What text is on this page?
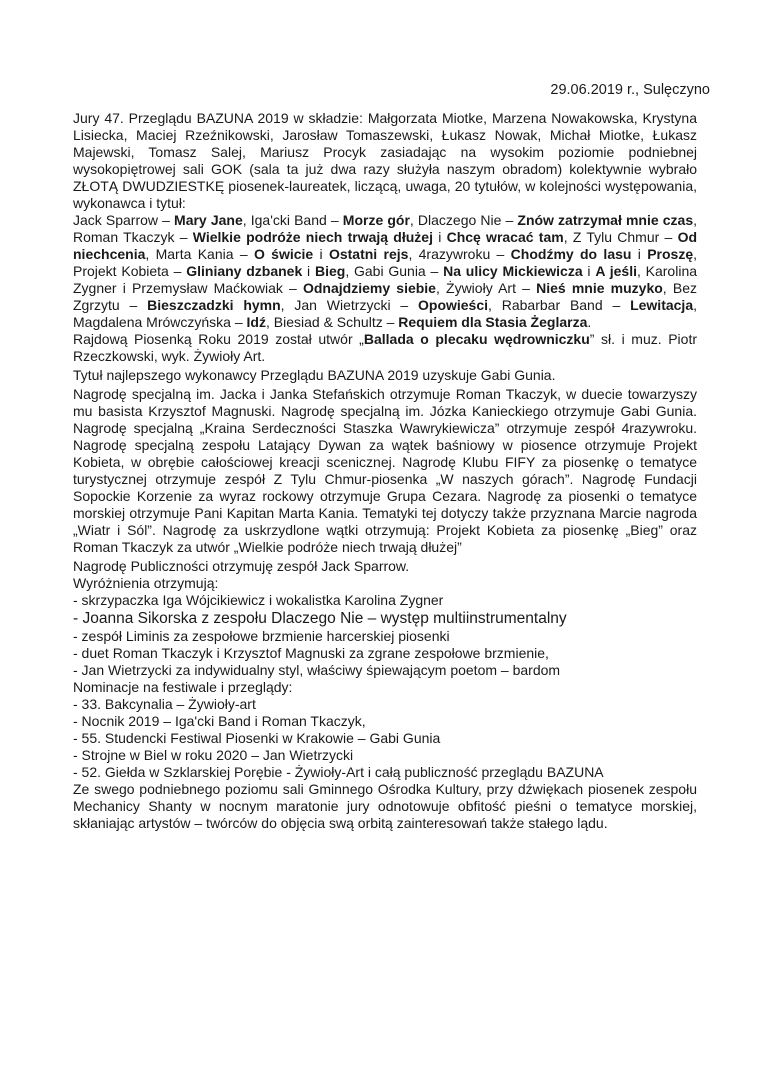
29.06.2019 r., Sulęczyno

Jury 47. Przeglądu BAZUNA 2019 w składzie: Małgorzata Miotke, Marzena Nowakowska, Krystyna Lisiecka, Maciej Rzeźnikowski, Jarosław Tomaszewski, Łukasz Nowak, Michał Miotke, Łukasz Majewski, Tomasz Salej, Mariusz Procyk zasiadając na wysokim poziomie podniebnej wysokopiętrowej sali GOK (sala ta już dwa razy służyła naszym obradom) kolektywnie wybrało ZŁOTĄ DWUDZIESTKĘ piosenek-laureatek, liczącą, uwaga, 20 tytułów, w kolejności występowania, wykonawca i tytuł:

Jack Sparrow – Mary Jane, Iga'cki Band – Morze gór, Dlaczego Nie – Znów zatrzymał mnie czas, Roman Tkaczyk – Wielkie podróże niech trwają dłużej i Chcę wracać tam, Z Tylu Chmur – Od niechcenia, Marta Kania – O świcie i Ostatni rejs, 4razywroku – Chodźmy do lasu i Proszę, Projekt Kobieta – Gliniany dzbanek i Bieg, Gabi Gunia – Na ulicy Mickiewicza i A jeśli, Karolina Zygner i Przemysław Maćkowiak – Odnajdziemy siebie, Żywioły Art – Nieś mnie muzyko, Bez Zgrzytu – Bieszczadzki hymn, Jan Wietrzycki – Opowieści, Rabarbar Band – Lewitacja, Magdalena Mrówczyńska – Idź, Biesiad & Schultz – Requiem dla Stasia Żeglarza.

Rajdową Piosenką Roku 2019 został utwór „Ballada o plecaku wędrowniczku” sł. i muz. Piotr Rzeczkowski, wyk. Żywioły Art.

Tytuł najlepszego wykonawcy Przeglądu BAZUNA 2019 uzyskuje Gabi Gunia.

Nagrodę specjalną im. Jacka i Janka Stefańskich otrzymuje Roman Tkaczyk, w duecie towarzyszy mu basista Krzysztof Magnuski. Nagrodę specjalną im. Józka Kanieckiego otrzymuje Gabi Gunia. Nagrodę specjalną „Kraina Serdeczności Staszka Wawrykiewicza” otrzymuje zespół 4razywroku. Nagrodę specjalną zespołu Latający Dywan za wątek baśniowy w piosence otrzymuje Projekt Kobieta, w obrębie całościowej kreacji scenicznej. Nagrodę Klubu FIFY za piosenkę o tematyce turystycznej otrzymuje zespół Z Tylu Chmur-piosenka „W naszych górach”. Nagrodę Fundacji Sopockie Korzenie za wyraz rockowy otrzymuje Grupa Cezara. Nagrodę za piosenki o tematyce morskiej otrzymuje Pani Kapitan Marta Kania. Tematyki tej dotyczy także przyznana Marcie nagroda „Wiatr i Sól”. Nagrodę za uskrzydlone wątki otrzymują: Projekt Kobieta za piosenkę „Bieg” oraz Roman Tkaczyk za utwór „Wielkie podróże niech trwają dłużej”

Nagrodę Publiczności otrzymuję zespół Jack Sparrow.

Wyróżnienia otrzymują:

- skrzypaczka Iga Wójcikiewicz i wokalistka Karolina Zygner
- Joanna Sikorska z zespołu Dlaczego Nie – występ multiinstrumentalny
- zespół Liminis za zespołowe brzmienie harcerskiej piosenki
- duet Roman Tkaczyk i Krzysztof Magnuski za zgrane zespołowe brzmienie,
- Jan Wietrzycki za indywidualny styl, właściwy śpiewającym poetom – bardom

Nominacje na festiwale i przeglądy:

- 33. Bakcynalia – Żywioły-art
- Nocnik 2019 – Iga'cki Band i Roman Tkaczyk,
- 55. Studencki Festiwal Piosenki w Krakowie – Gabi Gunia
- Strojne w Biel w roku 2020 – Jan Wietrzycki
- 52. Giełda w Szklarskiej Porębie - Żywioły-Art i całą publiczność przeglądu BAZUNA

Ze swego podniebnego poziomu sali Gminnego Ośrodka Kultury, przy dźwiękach piosenek zespołu Mechanicy Shanty w nocnym maratonie jury odnotowuje obfitość pieśni o tematyce morskiej, skłaniając artystów – twórców do objęcia swą orbitą zainteresowań także stałego lądu.
